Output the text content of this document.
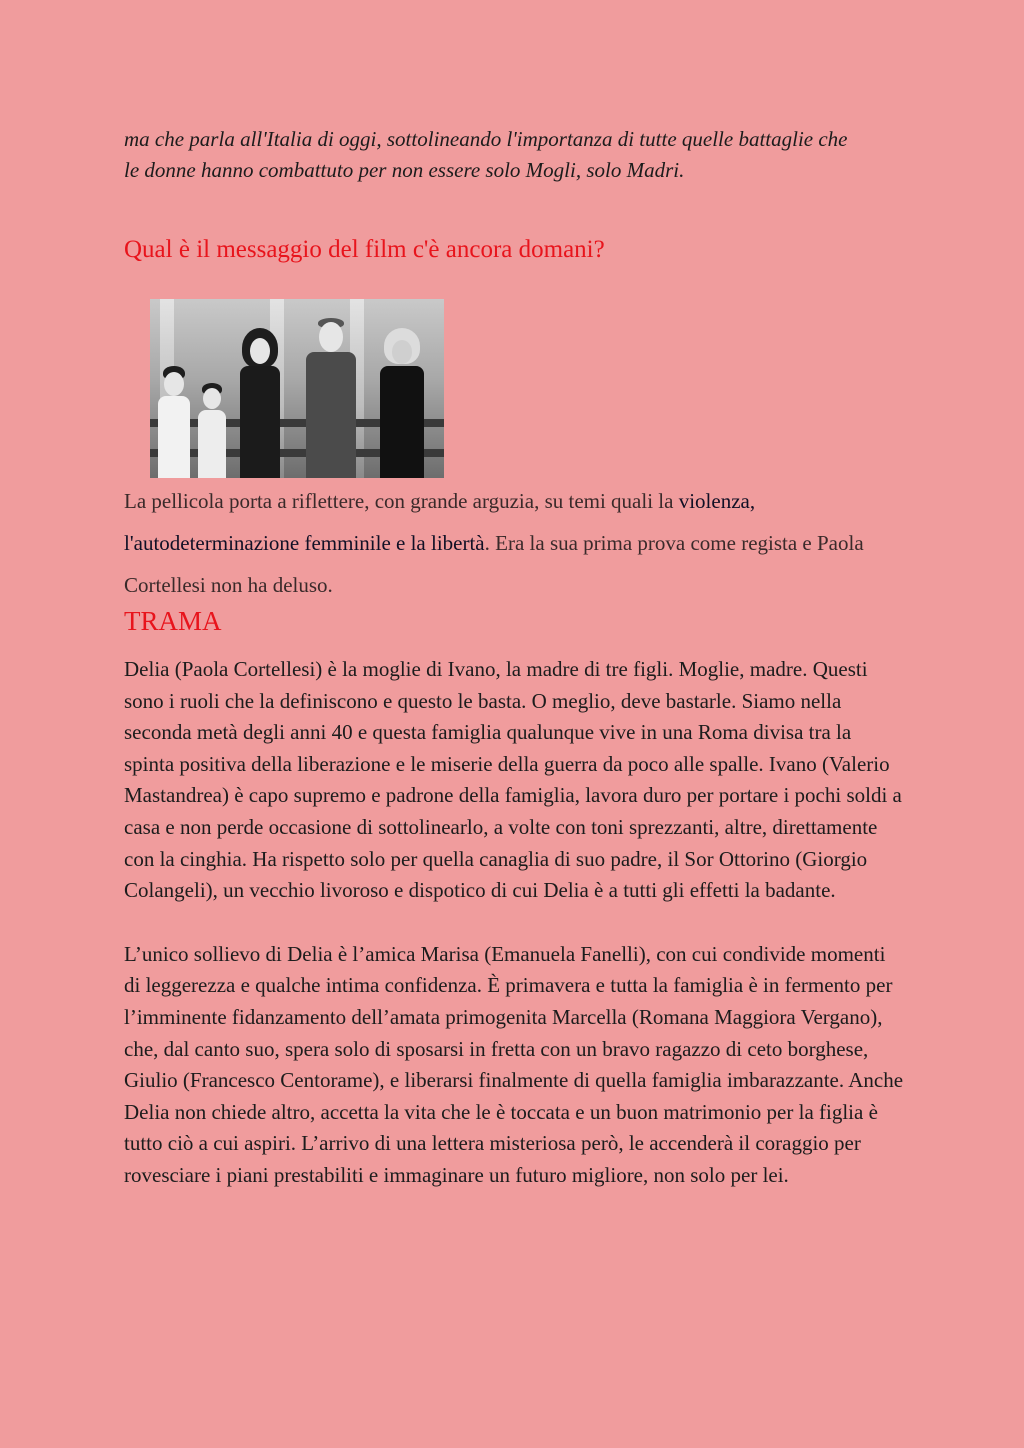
ma che parla all'Italia di oggi, sottolineando l'importanza di tutte quelle battaglie che le donne hanno combattuto per non essere solo Mogli, solo Madri.

Qual è il messaggio del film c'è ancora domani?

La pellicola porta a riflettere, con grande arguzia, su temi quali la violenza, l'autodeterminazione femminile e la libertà. Era la sua prima prova come regista e Paola Cortellesi non ha deluso.

TRAMA

Delia (Paola Cortellesi) è la moglie di Ivano, la madre di tre figli. Moglie, madre. Questi sono i ruoli che la definiscono e questo le basta. O meglio, deve bastarle. Siamo nella seconda metà degli anni 40 e questa famiglia qualunque vive in una Roma divisa tra la spinta positiva della liberazione e le miserie della guerra da poco alle spalle. Ivano (Valerio Mastandrea) è capo supremo e padrone della famiglia, lavora duro per portare i pochi soldi a casa e non perde occasione di sottolinearlo, a volte con toni sprezzanti, altre, direttamente con la cinghia. Ha rispetto solo per quella canaglia di suo padre, il Sor Ottorino (Giorgio Colangeli), un vecchio livoroso e dispotico di cui Delia è a tutti gli effetti la badante.

L’unico sollievo di Delia è l’amica Marisa (Emanuela Fanelli), con cui condivide momenti di leggerezza e qualche intima confidenza. È primavera e tutta la famiglia è in fermento per l’imminente fidanzamento dell’amata primogenita Marcella (Romana Maggiora Vergano), che, dal canto suo, spera solo di sposarsi in fretta con un bravo ragazzo di ceto borghese, Giulio (Francesco Centorame), e liberarsi finalmente di quella famiglia imbarazzante. Anche Delia non chiede altro, accetta la vita che le è toccata e un buon matrimonio per la figlia è tutto ciò a cui aspiri. L’arrivo di una lettera misteriosa però, le accenderà il coraggio per rovesciare i piani prestabiliti e immaginare un futuro migliore, non solo per lei.
